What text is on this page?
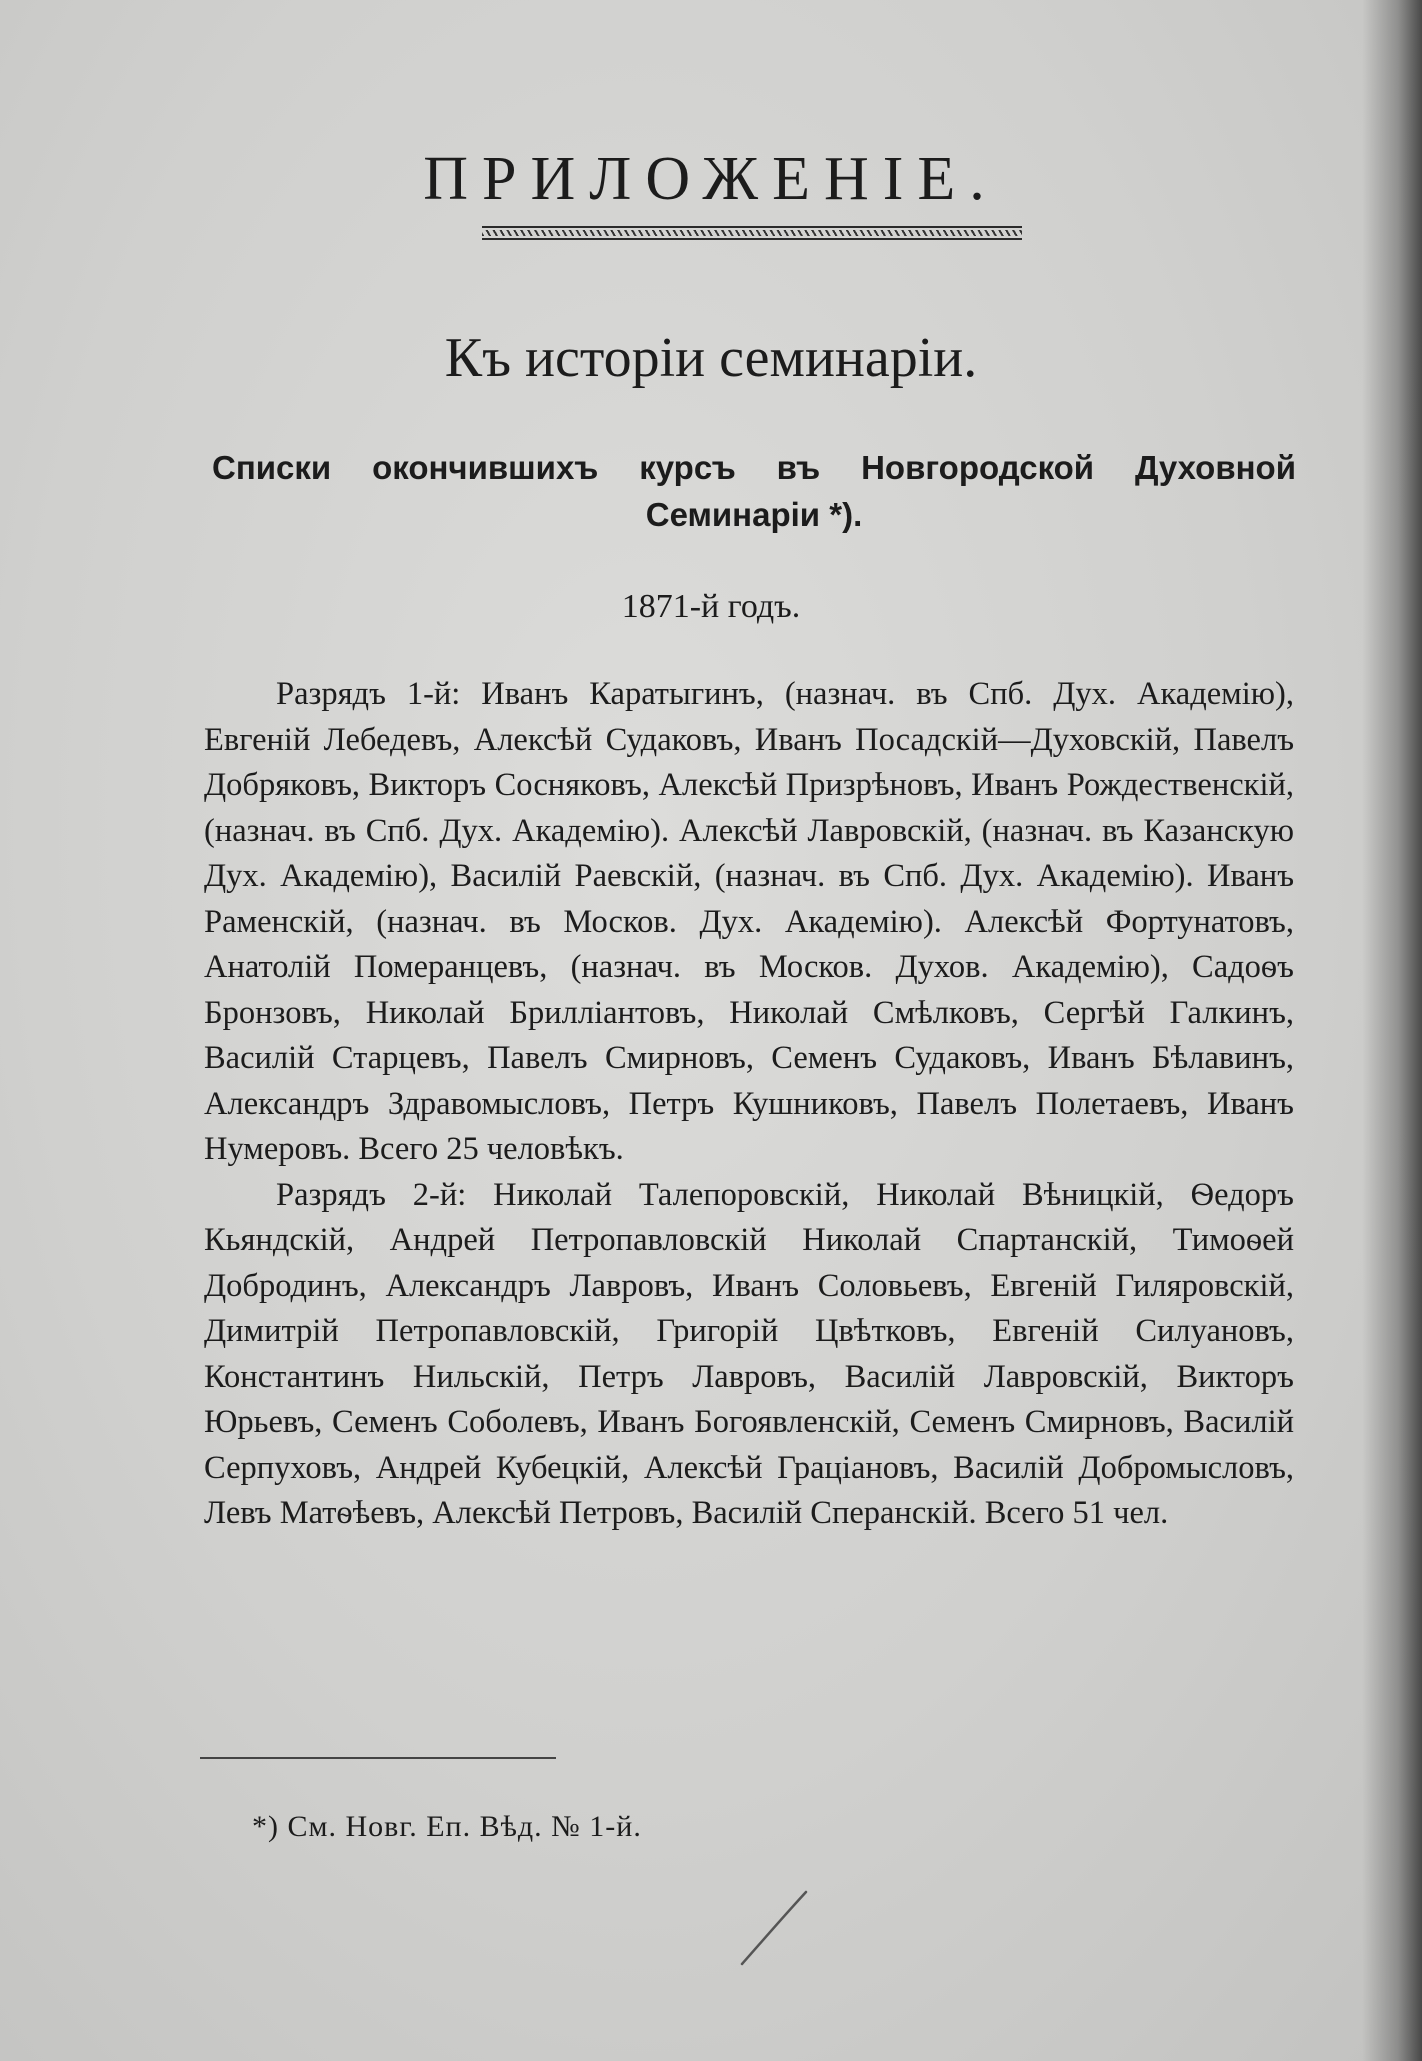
ПРИЛОЖЕНІЕ.
Къ исторіи семинаріи.
Списки окончившихъ курсъ въ Новгородской Духовной Семинаріи *).
1871-й годъ.

Разрядъ 1-й: Иванъ Каратыгинъ, (назнач. въ Спб. Дух. Академію), Евгеній Лебедевъ, Алексѣй Судаковъ, Иванъ Посадскій—Духовскій, Павелъ Добряковъ, Викторъ Сосняковъ, Алексѣй Призрѣновъ, Иванъ Рождественскій, (назнач. въ Спб. Дух. Академію). Алексѣй Лавровскій, (назнач. въ Казанскую Дух. Академію), Василій Раевскій, (назнач. въ Спб. Дух. Академію). Иванъ Раменскій, (назнач. въ Москов. Дух. Академію). Алексѣй Фортунатовъ, Анатолій Померанцевъ, (назнач. въ Москов. Духов. Академію), Садоѳъ Бронзовъ, Николай Бриллiантовъ, Николай Смѣлковъ, Сергѣй Галкинъ, Василій Старцевъ, Павелъ Смирновъ, Семенъ Судаковъ, Иванъ Бѣлавинъ, Александръ Здравомысловъ, Петръ Кушниковъ, Павелъ Полетаевъ, Иванъ Нумеровъ. Всего 25 человѣкъ.

Разрядъ 2-й: Николай Талепоровскій, Николай Вѣницкій, Ѳедоръ Кьяндскій, Андрей Петропавловскій Николай Спартанскій, Тимоѳей Добродинъ, Александръ Лавровъ, Иванъ Соловьевъ, Евгеній Гиляровскій, Димитрій Петропавловскій, Григорій Цвѣтковъ, Евгеній Силуановъ, Константинъ Нильскій, Петръ Лавровъ, Василій Лавровскій, Викторъ Юрьевъ, Семенъ Соболевъ, Иванъ Богоявленскій, Семенъ Смирновъ, Василій Серпуховъ, Андрей Кубецкій, Алексѣй Граціановъ, Василій Добромысловъ, Левъ Матѳѣевъ, Алексѣй Петровъ, Василій Сперанскій. Всего 51 чел.

*) См. Новг. Еп. Вѣд. № 1-й.
